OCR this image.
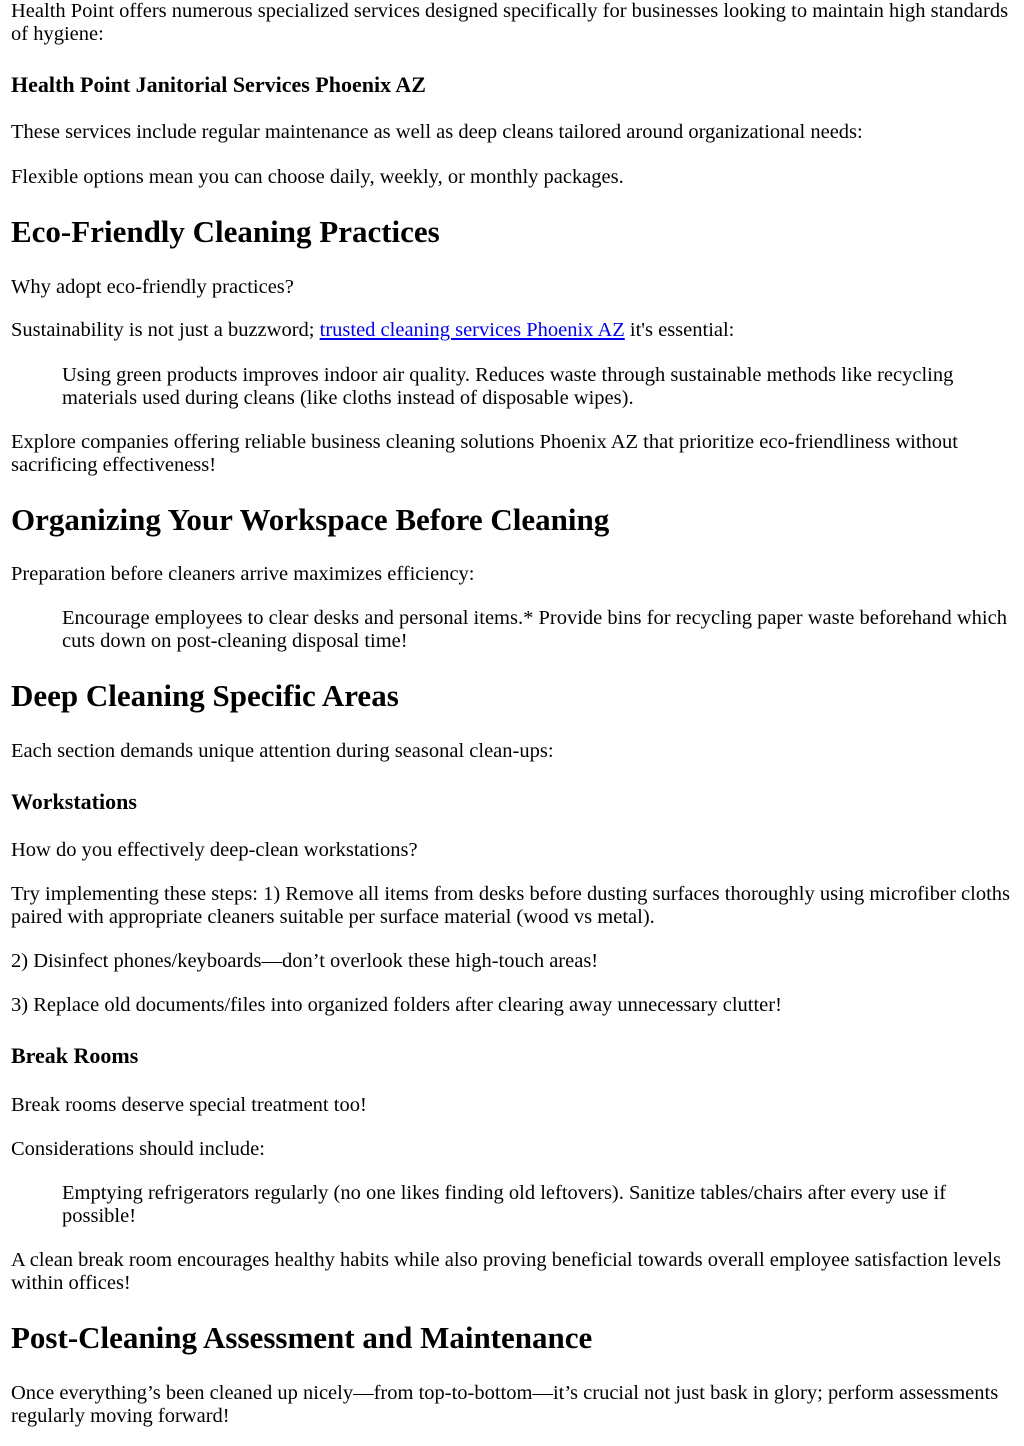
Health Point offers numerous specialized services designed specifically for businesses looking to maintain high standards of hygiene:

Health Point Janitorial Services Phoenix AZ

These services include regular maintenance as well as deep cleans tailored around organizational needs:

Flexible options mean you can choose daily, weekly, or monthly packages.

Eco-Friendly Cleaning Practices

Why adopt eco-friendly practices?

Sustainability is not just a buzzword; trusted cleaning services Phoenix AZ it's essential:

Using green products improves indoor air quality. Reduces waste through sustainable methods like recycling materials used during cleans (like cloths instead of disposable wipes).

Explore companies offering reliable business cleaning solutions Phoenix AZ that prioritize eco-friendliness without sacrificing effectiveness!

Organizing Your Workspace Before Cleaning

Preparation before cleaners arrive maximizes efficiency:

Encourage employees to clear desks and personal items.* Provide bins for recycling paper waste beforehand which cuts down on post-cleaning disposal time!
Deep Cleaning Specific Areas

Each section demands unique attention during seasonal clean-ups:

Workstations

How do you effectively deep-clean workstations?

Try implementing these steps: 1) Remove all items from desks before dusting surfaces thoroughly using microfiber cloths paired with appropriate cleaners suitable per surface material (wood vs metal).

2) Disinfect phones/keyboards—don’t overlook these high-touch areas!

3) Replace old documents/files into organized folders after clearing away unnecessary clutter!

Break Rooms

Break rooms deserve special treatment too!

Considerations should include:

Emptying refrigerators regularly (no one likes finding old leftovers). Sanitize tables/chairs after every use if possible!

A clean break room encourages healthy habits while also proving beneficial towards overall employee satisfaction levels within offices!

Post-Cleaning Assessment and Maintenance

Once everything’s been cleaned up nicely—from top-to-bottom—it’s crucial not just bask in glory; perform assessments regularly moving forward!
